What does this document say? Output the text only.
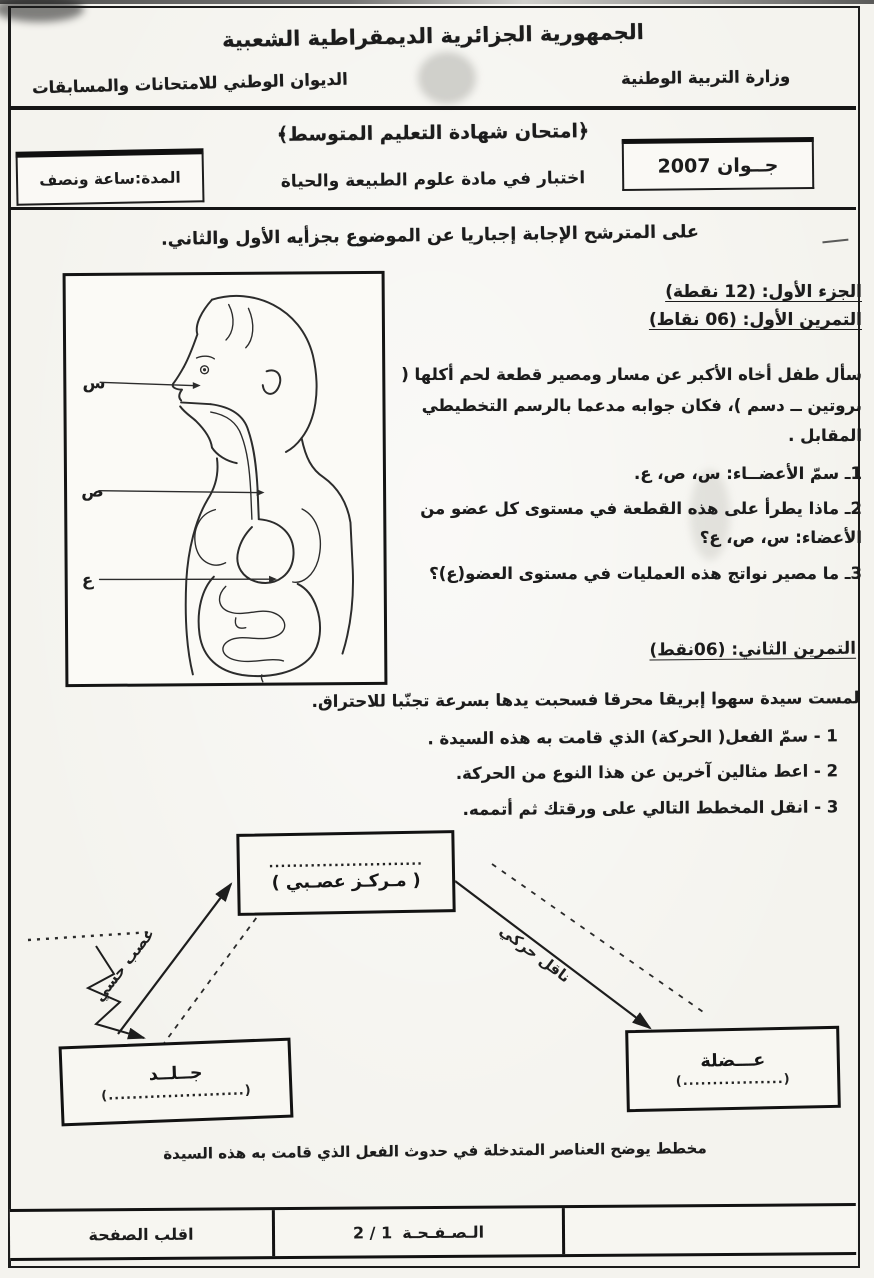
الجمهورية الجزائرية الديمقراطية الشعبية
وزارة التربية الوطنية
الديوان الوطني للامتحانات والمسابقات
﴿امتحان شهادة التعليم المتوسط﴾
اختبار في مادة علوم الطبيعة والحياة
جــوان 2007
المدة:ساعة ونصف
على المترشح الإجابة إجباريا عن الموضوع بجزأيه الأول والثاني.
س
ص
ع

الجزء الأول: (12 نقطة)

التمرين الأول: (06 نقاط)

سأل طفل أخاه الأكبر عن مسار ومصير قطعة لحم أكلها ( بروتين ــ دسم )، فكان جوابه مدعما بالرسم التخطيطي المقابل .

1ـ سمّ الأعضــاء: س، ص، ع.

2ـ ماذا يطرأ على هذه القطعة في مستوى كل عضو من الأعضاء: س، ص، ع؟

3ـ ما مصير نواتج هذه العمليات في مستوى العضو(ع)؟

التمرين الثاني: (06نقط)

لمست سيدة سهوا إبريقا محرقا فسحبت يدها بسرعة تجنّبا للاحتراق.

1 - سمّ الفعل( الحركة) الذي قامت به هذه السيدة .

2 - اعط مثالين آخرين عن هذا النوع من الحركة.

3 - انقل المخطط التالي على ورقتك ثم أتممه.

عصب حسي	ناقل حركي
..........................
( مـركـز عصـبي )
جــلــد
(.......................)
عـــضلة
(.................)
مخطط يوضح العناصر المتدخلة في حدوث الفعل الذي قامت به هذه السيدة
الـصـفـحـة
2 / 1
اقلب الصفحة
